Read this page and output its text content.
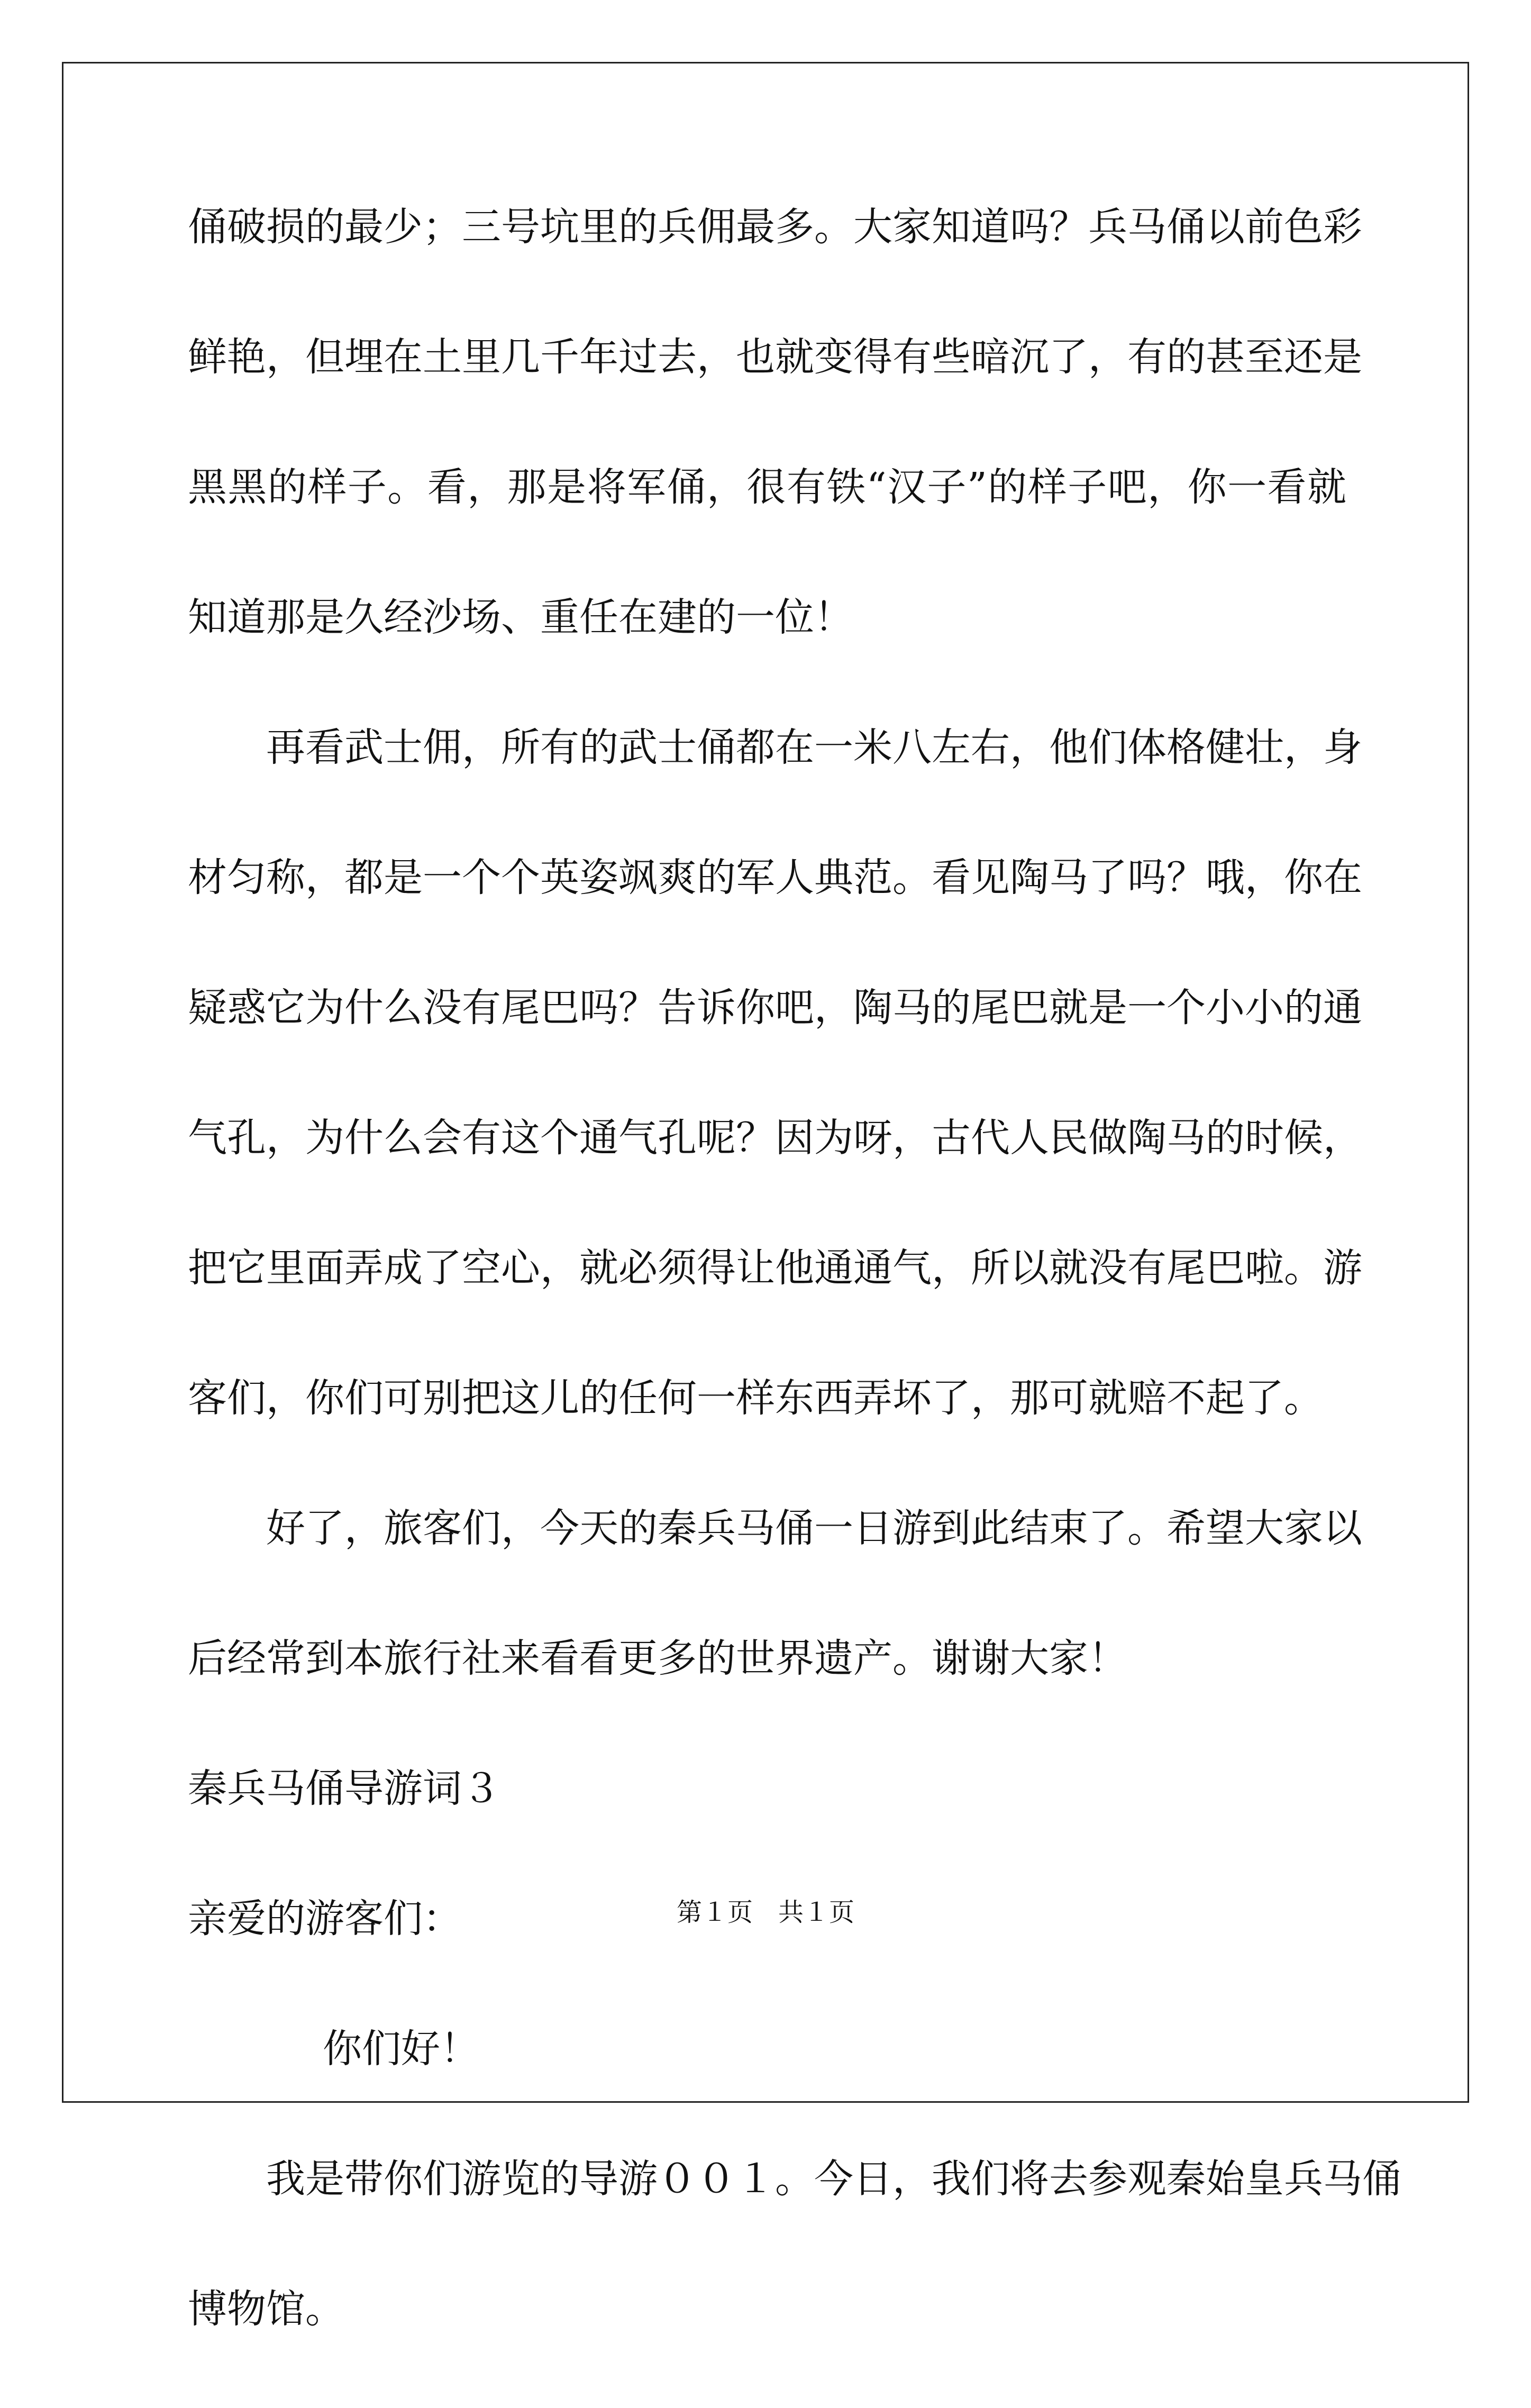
俑破损的最少；三号坑里的兵佣最多。大家知道吗？兵马俑以前色彩
鲜艳，但埋在土里几千年过去，也就变得有些暗沉了，有的甚至还是
黑黑的样子。看，那是将军俑，很有铁“汉子”的样子吧，你一看就
知道那是久经沙场、重任在建的一位！
再看武士佣，所有的武士俑都在一米八左右，他们体格健壮，身
材匀称，都是一个个英姿飒爽的军人典范。看见陶马了吗？哦，你在
疑惑它为什么没有尾巴吗？告诉你吧，陶马的尾巴就是一个小小的通
气孔，为什么会有这个通气孔呢？因为呀，古代人民做陶马的时候，
把它里面弄成了空心，就必须得让他通通气，所以就没有尾巴啦。游
客们，你们可别把这儿的任何一样东西弄坏了，那可就赔不起了。
好了，旅客们，今天的秦兵马俑一日游到此结束了。希望大家以
后经常到本旅行社来看看更多的世界遗产。谢谢大家！
秦兵马俑导游词３
亲爱的游客们：
你们好！
我是带你们游览的导游００１。今日，我们将去参观秦始皇兵马俑
博物馆。
第１页　共１页
